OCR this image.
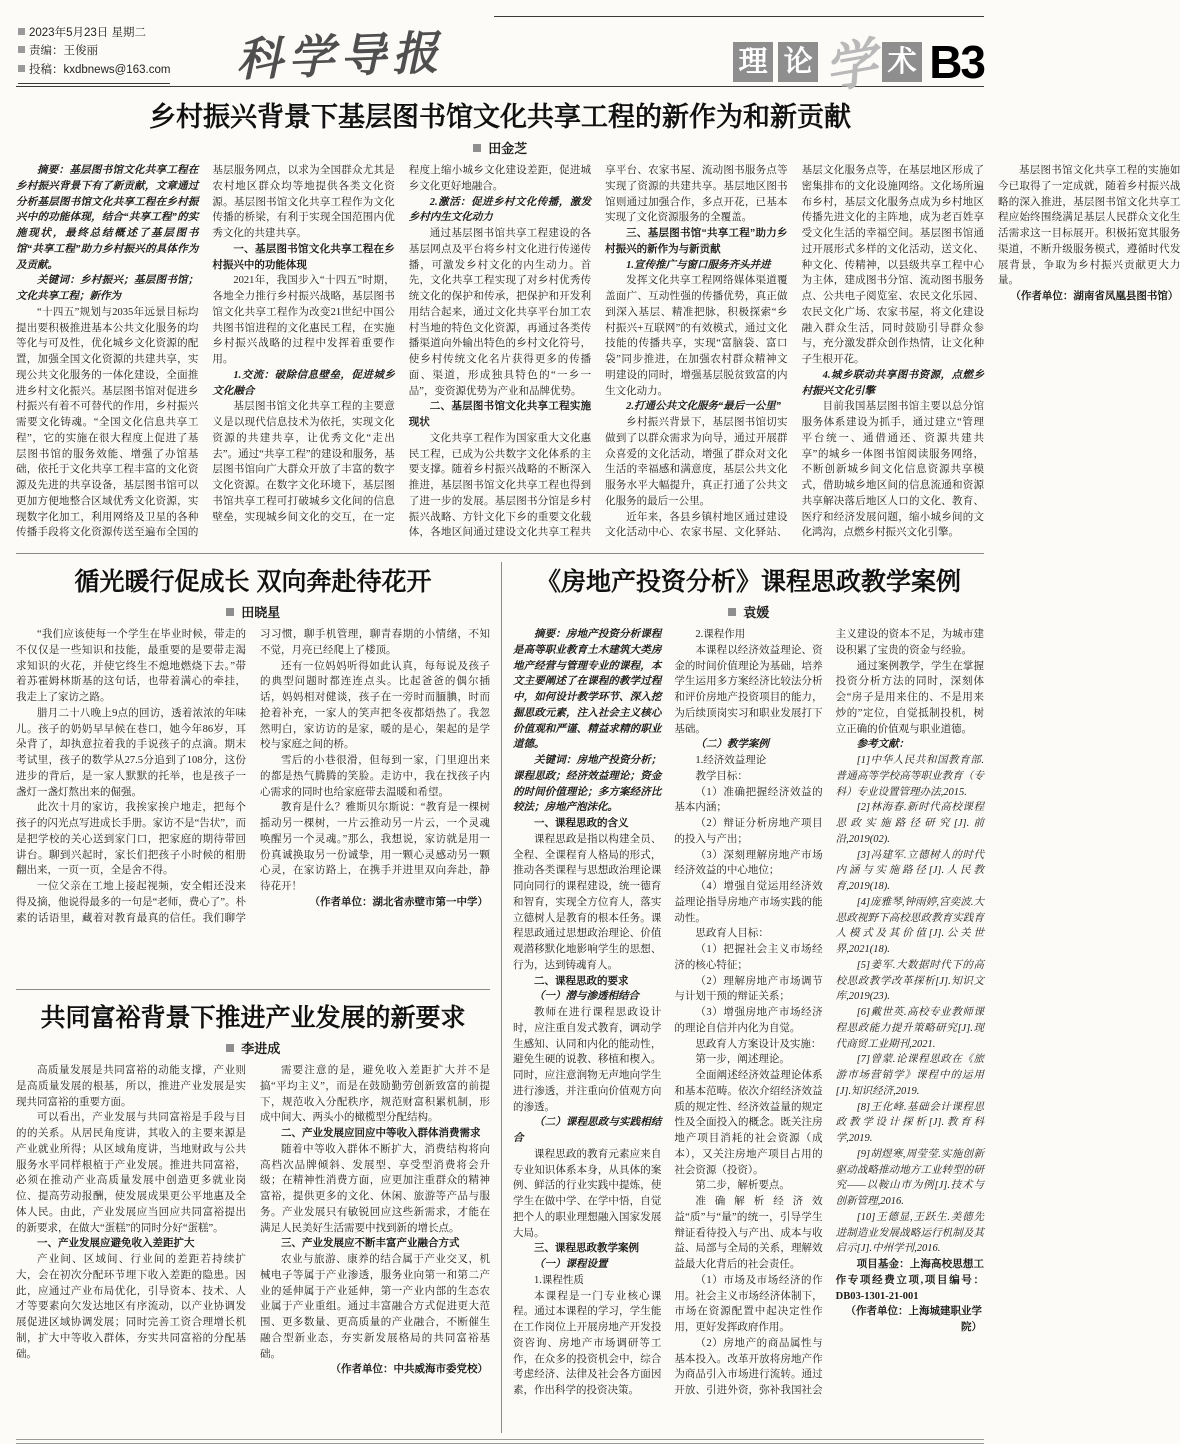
2023年5月23日 星期二
责编：王俊丽
投稿：kxdbnews@163.com 科学导报	理 论 学 术 B3
乡村振兴背景下基层图书馆文化共享工程的新作为和新贡献
田金芝

摘要：基层图书馆文化共享工程在乡村振兴背景下有了新贡献，文章通过分析基层图书馆文化共享工程在乡村振兴中的功能体现，结合“共享工程”的实施现状，最终总结概述了基层图书馆“共享工程”助力乡村振兴的具体作为及贡献。

关键词：乡村振兴；基层图书馆；文化共享工程；新作为

“十四五”规划与2035年远景目标均提出要积极推进基本公共文化服务的均等化与可及性，优化城乡文化资源的配置，加强全国文化资源的共建共享，实现公共文化服务的一体化建设，全面推进乡村文化振兴。基层图书馆对促进乡村振兴有着不可替代的作用，乡村振兴需要文化铸魂。“全国文化信息共享工程”，它的实施在很大程度上促进了基层图书馆的服务效能、增强了办馆基础，依托于文化共享工程丰富的文化资源及先进的共享设备，基层图书馆可以更加方便地整合区域优秀文化资源，实现数字化加工，利用网络及卫星的各种传播手段将文化资源传送至遍布全国的基层服务网点，以求为全国群众尤其是农村地区群众均等地提供各类文化资源。基层图书馆文化共享工程作为文化传播的桥梁，有利于实现全国范围内优秀文化的共建共享。

一、基层图书馆文化共享工程在乡村振兴中的功能体现

2021年，我国步入“十四五”时期，各地全力推行乡村振兴战略，基层图书馆文化共享工程作为改变21世纪中国公共图书馆进程的文化惠民工程，在实施乡村振兴战略的过程中发挥着重要作用。

1.交流：破除信息壁垒，促进城乡文化融合

基层图书馆文化共享工程的主要意义是以现代信息技术为依托，实现文化资源的共建共享，让优秀文化“走出去”。通过“共享工程”的建设和服务，基层图书馆向广大群众开放了丰富的数字文化资源。在数字文化环境下，基层图书馆共享工程可打破城乡文化间的信息壁垒，实现城乡间文化的交互，在一定程度上缩小城乡文化建设差距，促进城乡文化更好地融合。

2.激活：促进乡村文化传播，激发乡村内生文化动力

通过基层图书馆共享工程建设的各基层网点及平台将乡村文化进行传递传播，可激发乡村文化的内生动力。首先，文化共享工程实现了对乡村优秀传统文化的保护和传承，把保护和开发利用结合起来，通过文化共享平台加工农村当地的特色文化资源，再通过各类传播渠道向外输出特色的乡村文化符号，使乡村传统文化名片获得更多的传播面、渠道，形成独具特色的“一乡一品”，变资源优势为产业和品牌优势。

二、基层图书馆文化共享工程实施现状

文化共享工程作为国家重大文化惠民工程，已成为公共数字文化体系的主要支撑。随着乡村振兴战略的不断深入推进，基层图书馆文化共享工程也得到了进一步的发展。基层图书分馆是乡村振兴战略、方针文化下乡的重要文化载体，各地区间通过建设文化共享工程共享平台、农家书屋、流动图书服务点等实现了资源的共建共享。基层地区图书馆则通过加强合作，多点开花，已基本实现了文化资源服务的全覆盖。

三、基层图书馆“共享工程”助力乡村振兴的新作为与新贡献

1.宣传推广与窗口服务齐头并进

发挥文化共享工程网络媒体渠道覆盖面广、互动性强的传播优势，真正做到深入基层、精准把脉，积极探索“乡村振兴+互联网”的有效模式，通过文化技能的传播共享，实现“富脑袋、富口袋”同步推进，在加强农村群众精神文明建设的同时，增强基层脱贫致富的内生文化动力。

2.打通公共文化服务“最后一公里”

乡村振兴背景下，基层图书馆切实做到了以群众需求为向导，通过开展群众喜爱的文化活动，增强了群众对文化生活的幸福感和满意度，基层公共文化服务水平大幅提升，真正打通了公共文化服务的最后一公里。

近年来，各县乡镇村地区通过建设文化活动中心、农家书屋、文化驿站、基层文化服务点等，在基层地区形成了密集排布的文化设施网络。文化场所遍布乡村，基层文化服务点成为乡村地区传播先进文化的主阵地，成为老百姓享受文化生活的幸福空间。基层图书馆通过开展形式多样的文化活动，送文化、种文化、传精神，以县级共享工程中心为主体，建成图书分馆、流动图书服务点、公共电子阅览室、农民文化乐园、农民文化广场、农家书屋，将文化建设融入群众生活，同时鼓励引导群众参与，充分激发群众创作热情，让文化种子生根开花。

4.城乡联动共享图书资源，点燃乡村振兴文化引擎

目前我国基层图书馆主要以总分馆服务体系建设为抓手，通过建立“管理平台统一、通借通还、资源共建共享”的城乡一体图书馆阅读服务网络，不断创新城乡间文化信息资源共享模式，借助城乡地区间的信息流通和资源共享解决落后地区人口的文化、教育、医疗和经济发展问题，缩小城乡间的文化鸿沟，点燃乡村振兴文化引擎。

基层图书馆文化共享工程的实施如今已取得了一定成就，随着乡村振兴战略的深入推进，基层图书馆文化共享工程应始终围绕满足基层人民群众文化生活需求这一目标展开。积极拓宽其服务渠道，不断升级服务模式，遵循时代发展背景，争取为乡村振兴贡献更大力量。

（作者单位：湖南省凤凰县图书馆）

循光暖行促成长 双向奔赴待花开
田晓星

“我们应该使每一个学生在毕业时候，带走的不仅仅是一些知识和技能，最重要的是要带走渴求知识的火花，并使它终生不熄地燃烧下去。”带着苏霍姆林斯基的这句话，也带着满心的牵挂，我走上了家访之路。

腊月二十八晚上9点的回访，透着浓浓的年味儿。孩子的奶奶早早候在巷口，她今年86岁，耳朵背了，却执意拉着我的手说孩子的点滴。期末考试里，孩子的数学从27.5分追到了108分，这份进步的背后，是一家人默默的托举，也是孩子一盏灯一盏灯熬出来的倔强。

此次十月的家访，我挨家挨户地走，把每个孩子的闪光点写进成长手册。家访不是“告状”，而是把学校的关心送到家门口，把家庭的期待带回讲台。聊到兴起时，家长们把孩子小时候的相册翻出来，一页一页，全是舍不得。

一位父亲在工地上接起视频，安全帽还没来得及摘，他说得最多的一句是“老师，费心了”。朴素的话语里，藏着对教育最真的信任。我们聊学习习惯，聊手机管理，聊青春期的小情绪，不知不觉，月亮已经爬上了楼顶。

还有一位妈妈听得如此认真，每每说及孩子的典型问题时都连连点头。比起爸爸的偶尔插话，妈妈相对健谈，孩子在一旁时而腼腆，时而抢着补充，一家人的笑声把冬夜都焐热了。我忽然明白，家访访的是家，暖的是心，架起的是学校与家庭之间的桥。

雪后的小巷很滑，但每到一家，门里迎出来的都是热气腾腾的笑脸。走访中，我在找孩子内心需求的同时也给家庭带去温暖和希望。

教育是什么？雅斯贝尔斯说：“教育是一棵树摇动另一棵树，一片云推动另一片云，一个灵魂唤醒另一个灵魂。”那么，我想说，家访就是用一份真诚换取另一份诚挚，用一颗心灵感动另一颗心灵，在家访路上，在携手并进里双向奔赴，静待花开！

（作者单位：湖北省赤壁市第一中学）

共同富裕背景下推进产业发展的新要求
李进成

高质量发展是共同富裕的动能支撑，产业则是高质量发展的根基，所以，推进产业发展是实现共同富裕的重要方面。

可以看出，产业发展与共同富裕是手段与目的的关系。从居民角度讲，其收入的主要来源是产业就业所得；从区域角度讲，当地财政与公共服务水平同样根植于产业发展。推进共同富裕，必须在推动产业高质量发展中创造更多就业岗位、提高劳动报酬，使发展成果更公平地惠及全体人民。由此，产业发展应当回应共同富裕提出的新要求，在做大“蛋糕”的同时分好“蛋糕”。

一、产业发展应避免收入差距扩大

产业间、区域间、行业间的差距若持续扩大，会在初次分配环节埋下收入差距的隐患。因此，应通过产业布局优化，引导资本、技术、人才等要素向欠发达地区有序流动，以产业协调发展促进区域协调发展；同时完善工资合理增长机制，扩大中等收入群体，夯实共同富裕的分配基础。

需要注意的是，避免收入差距扩大并不是搞“平均主义”，而是在鼓励勤劳创新致富的前提下，规范收入分配秩序，规范财富积累机制，形成中间大、两头小的橄榄型分配结构。

二、产业发展应回应中等收入群体消费需求

随着中等收入群体不断扩大，消费结构将向高档次品牌倾斜、发展型、享受型消费将会升级；在精神性消费方面，应更加注重群众的精神富裕，提供更多的文化、休闲、旅游等产品与服务。产业发展只有敏锐回应这些新需求，才能在满足人民美好生活需要中找到新的增长点。

三、产业发展应不断丰富产业融合方式

农业与旅游、康养的结合属于产业交叉，机械电子等属于产业渗透，服务业向第一和第二产业的延伸属于产业延伸，第一产业内部的生态农业属于产业重组。通过丰富融合方式促进更大范围、更多数量、更高质量的产业融合，不断催生融合型新业态，夯实新发展格局的共同富裕基础。

（作者单位：中共威海市委党校）

《房地产投资分析》课程思政教学案例
袁媛

摘要：房地产投资分析课程是高等职业教育土木建筑大类房地产经营与管理专业的课程，本文主要阐述了在课程的教学过程中，如何设计教学环节、深入挖掘思政元素，注入社会主义核心价值观和严谨、精益求精的职业道德。

关键词：房地产投资分析；课程思政；经济效益理论；资金的时间价值理论；多方案经济比较法；房地产泡沫化。

一、课程思政的含义

课程思政是指以构建全员、全程、全课程育人格局的形式，推动各类课程与思想政治理论课同向同行的课程建设，统一德育和智育，实现全方位育人，落实立德树人是教育的根本任务。课程思政通过思想政治理论、价值观潜移默化地影响学生的思想、行为，达到铸魂育人。

二、课程思政的要求

（一）潜与渗透相结合

教师在进行课程思政设计时，应注重自发式教育，调动学生感知、认同和内化的能动性，避免生硬的说教、移植和楔入。同时，应注意润物无声地向学生进行渗透，并注重向价值观方向的渗透。

（二）课程思政与实践相结合

课程思政的教育元素应来自专业知识体系本身，从具体的案例、鲜活的行业实践中提炼，使学生在做中学、在学中悟，自觉把个人的职业理想融入国家发展大局。

三、课程思政教学案例

（一）课程设置

1.课程性质

本课程是一门专业核心课程。通过本课程的学习，学生能在工作岗位上开展房地产开发投资咨询、房地产市场调研等工作，在众多的投资机会中，综合考虑经济、法律及社会各方面因素，作出科学的投资决策。

2.课程作用

本课程以经济效益理论、资金的时间价值理论为基础，培养学生运用多方案经济比较法分析和评价房地产投资项目的能力，为后续顶岗实习和职业发展打下基础。

（二）教学案例

1.经济效益理论

教学目标：

（1）准确把握经济效益的基本内涵；

（2）辩证分析房地产项目的投入与产出；

（3）深刻理解房地产市场经济效益的中心地位；

（4）增强自觉运用经济效益理论指导房地产市场实践的能动性。

思政育人目标：

（1）把握社会主义市场经济的核心特征；

（2）理解房地产市场调节与计划干预的辩证关系；

（3）增强房地产市场经济的理论自信并内化为自觉。

思政育人方案设计及实施：

第一步，阐述理论。

全面阐述经济效益理论体系和基本范畴。依次介绍经济效益质的规定性、经济效益量的规定性及全面投入的概念。既关注房地产项目消耗的社会资源（成本），又关注房地产项目占用的社会资源（投资）。

第二步，解析要点。

准确解析经济效益“质”与“量”的统一，引导学生辩证看待投入与产出、成本与收益、局部与全局的关系，理解效益最大化背后的社会责任。

（1）市场及市场经济的作用。社会主义市场经济体制下，市场在资源配置中起决定性作用，更好发挥政府作用。

（2）房地产的商品属性与基本投入。改革开放将房地产作为商品引入市场进行流转。通过开放、引进外资，弥补我国社会主义建设的资本不足，为城市建设积累了宝贵的资金与经验。

通过案例教学，学生在掌握投资分析方法的同时，深刻体会“房子是用来住的、不是用来炒的”定位，自觉抵制投机，树立正确的价值观与职业道德。

参考文献：

[1]中华人民共和国教育部.普通高等学校高等职业教育（专科）专业设置管理办法,2015.

[2]林海春.新时代高校课程思政实施路径研究[J].前沿,2019(02).

[3]冯建军.立德树人的时代内涵与实施路径[J].人民教育,2019(18).

[4]庞雅琴,钟雨婷,宫奕波.大思政视野下高校思政教育实践育人模式及其价值[J].公关世界,2021(18).

[5]姜军.大数据时代下的高校思政教学改革探析[J].知识文库,2019(23).

[6]戴世英.高校专业教师课程思政能力提升策略研究[J].现代商贸工业期刊,2021.

[7]曾蒙.论课程思政在《旅游市场营销学》课程中的运用[J].知识经济,2019.

[8]王化峰.基础会计课程思政教学设计探析[J].教育科学,2019.

[9]胡煜寒,周莹莹.实施创新驱动战略推动地方工业转型的研究——以鞍山市为例[J].技术与创新管理,2016.

[10]王德显,王跃生.美德先进制造业发展战略运行机制及其启示[J].中州学刊,2016.

项目基金：上海高校思想工作专项经费立项,项目编号：DB03-1301-21-001

（作者单位：上海城建职业学院）
